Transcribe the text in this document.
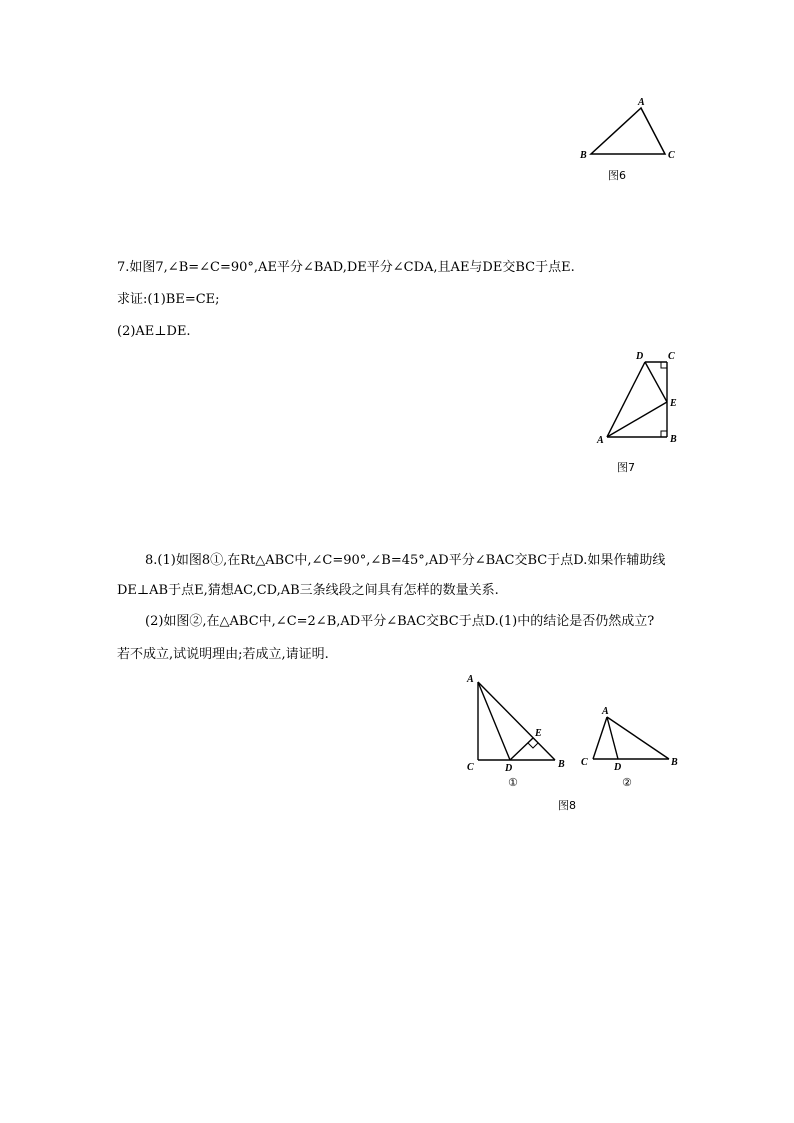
A
B	C
图6
7.如图7,∠B=∠C=90°,AE平分∠BAD,DE平分∠CDA,且AE与DE交BC于点E.
求证:(1)BE=CE;
(2)AE⊥DE.
D C
E
A	B
图7
8.(1)如图8①,在Rt△ABC中,∠C=90°,∠B=45°,AD平分∠BAC交BC于点D.如果作辅助线
DE⊥AB于点E,猜想AC,CD,AB三条线段之间具有怎样的数量关系.
(2)如图②,在△ABC中,∠C=2∠B,AD平分∠BAC交BC于点D.(1)中的结论是否仍然成立?
若不成立,试说明理由;若成立,请证明.
A
E
C	D	B
①
A
C	D	B
②
图8
